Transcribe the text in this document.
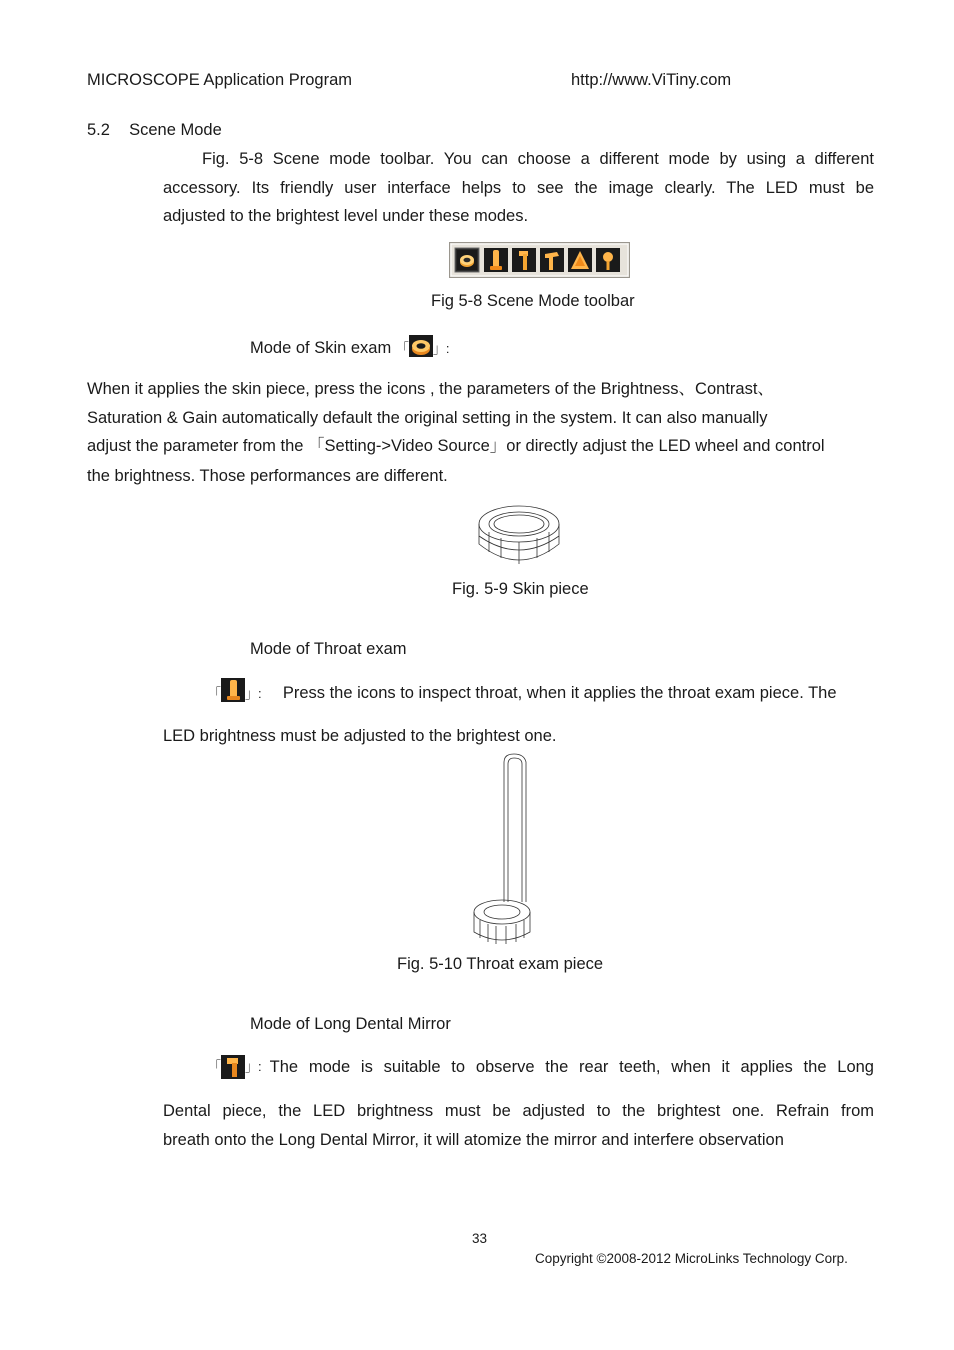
MICROSCOPE Application Program	http://www.ViTiny.com
5.2 Scene Mode
Fig. 5-8 Scene mode toolbar. You can choose a different mode by using a different
accessory. Its friendly user interface helps to see the image clearly. The LED must be
adjusted to the brightest level under these modes.
Fig 5-8 Scene Mode toolbar
Mode of Skin exam 「 」:
When it applies the skin piece, press the icons , the parameters of the Brightness、Contrast、
Saturation & Gain automatically default the original setting in the system. It can also manually
adjust the parameter from the 「Setting->Video Source」or directly adjust the LED wheel and control
the brightness. Those performances are different.
Fig. 5-9 Skin piece
Mode of Throat exam
「 」: Press the icons to inspect throat, when it applies the throat exam piece. The
LED brightness must be adjusted to the brightest one.
Fig. 5-10 Throat exam piece
Mode of Long Dental Mirror
「 」: The mode is suitable to observe the rear teeth, when it applies the Long
Dental piece, the LED brightness must be adjusted to the brightest one. Refrain from
breath onto the Long Dental Mirror, it will atomize the mirror and interfere observation
33
Copyright ©2008-2012 MicroLinks Technology Corp.
